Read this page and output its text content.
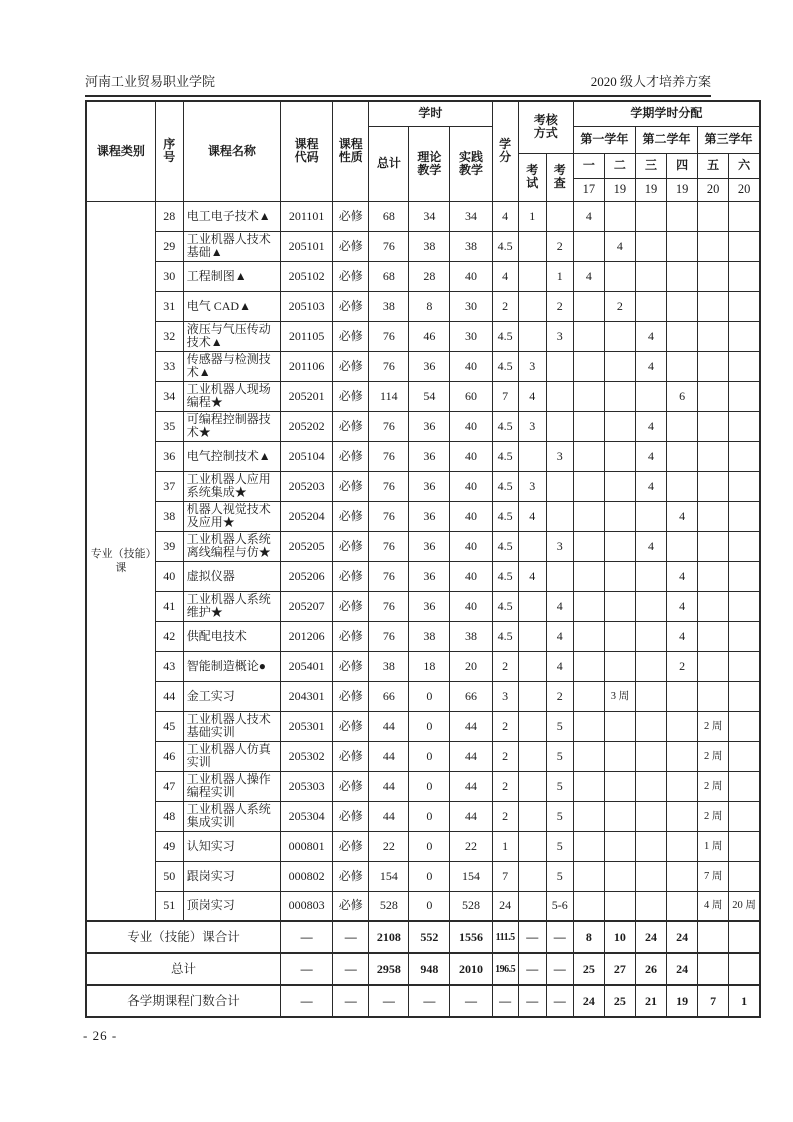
河南工业贸易职业学院	2020 级人才培养方案
课程类别	序号	课程名称	课程代码	课程性质	学时			学分	考核方式		学期学时分配					
					总计	理论教学	实践教学				第一学年		第二学年		第三学年	
									考试	考查	一	二	三	四	五	六
											17	19	19	19	20	20
专业（技能）课	28	电工电子技术▲	201101	必修	68	34	34	4	1		4					
	29	工业机器人技术基础▲	205101	必修	76	38	38	4.5		2		4				
	30	工程制图▲	205102	必修	68	28	40	4		1	4					
	31	电气 CAD▲	205103	必修	38	8	30	2		2		2				
	32	液压与气压传动技术▲	201105	必修	76	46	30	4.5		3			4			
	33	传感器与检测技术▲	201106	必修	76	36	40	4.5	3				4			
	34	工业机器人现场编程★	205201	必修	114	54	60	7	4					6		
	35	可编程控制器技术★	205202	必修	76	36	40	4.5	3				4			
	36	电气控制技术▲	205104	必修	76	36	40	4.5		3			4			
	37	工业机器人应用系统集成★	205203	必修	76	36	40	4.5	3				4			
	38	机器人视觉技术及应用★	205204	必修	76	36	40	4.5	4					4		
	39	工业机器人系统离线编程与仿★	205205	必修	76	36	40	4.5		3			4			
	40	虚拟仪器	205206	必修	76	36	40	4.5	4					4		
	41	工业机器人系统维护★	205207	必修	76	36	40	4.5		4				4		
	42	供配电技术	201206	必修	76	38	38	4.5		4				4		
	43	智能制造概论●	205401	必修	38	18	20	2		4				2		
	44	金工实习	204301	必修	66	0	66	3		2		3 周				
	45	工业机器人技术基础实训	205301	必修	44	0	44	2		5					2 周	
	46	工业机器人仿真实训	205302	必修	44	0	44	2		5					2 周	
	47	工业机器人操作编程实训	205303	必修	44	0	44	2		5					2 周	
	48	工业机器人系统集成实训	205304	必修	44	0	44	2		5					2 周	
	49	认知实习	000801	必修	22	0	22	1		5					1 周	
	50	跟岗实习	000802	必修	154	0	154	7		5					7 周	
	51	顶岗实习	000803	必修	528	0	528	24		5-6					4 周	20 周
专业（技能）课合计			—	—	2108	552	1556	111.5	—	—	8	10	24	24		
总计			—	—	2958	948	2010	196.5	—	—	25	27	26	24		
各学期课程门数合计			—	—	—	—	—	—	—	—	24	25	21	19	7	1
- 26 -
